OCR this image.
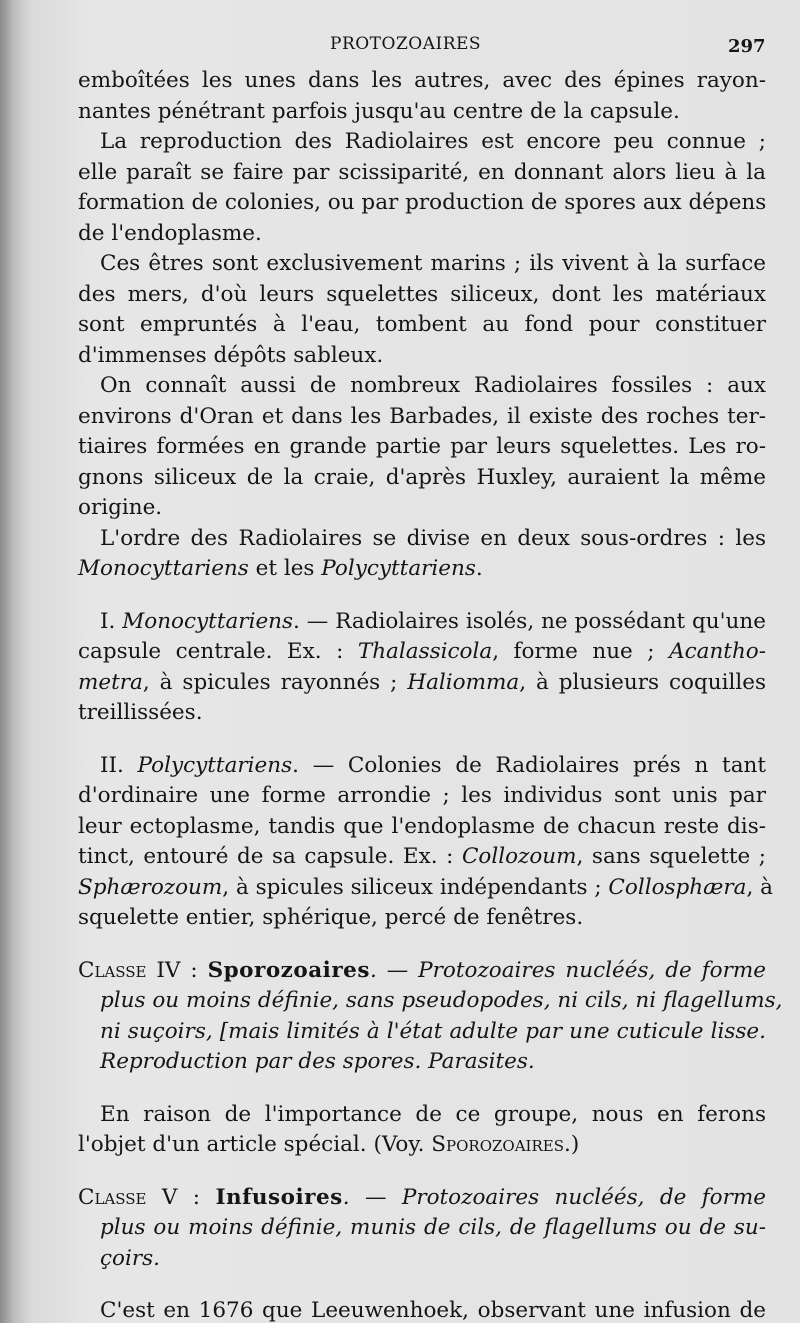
PROTOZOAIRES	297
emboîtées les unes dans les autres, avec des épines rayon-
nantes pénétrant parfois jusqu'au centre de la capsule.
La reproduction des Radiolaires est encore peu connue ;
elle paraît se faire par scissiparité, en donnant alors lieu à la
formation de colonies, ou par production de spores aux dépens
de l'endoplasme.
Ces êtres sont exclusivement marins ; ils vivent à la surface
des mers, d'où leurs squelettes siliceux, dont les matériaux
sont empruntés à l'eau, tombent au fond pour constituer
d'immenses dépôts sableux.
On connaît aussi de nombreux Radiolaires fossiles : aux
environs d'Oran et dans les Barbades, il existe des roches ter-
tiaires formées en grande partie par leurs squelettes. Les ro-
gnons siliceux de la craie, d'après Huxley, auraient la même
origine.
L'ordre des Radiolaires se divise en deux sous-ordres : les
Monocyttariens et les Polycyttariens.
I. Monocyttariens. — Radiolaires isolés, ne possédant qu'une
capsule centrale. Ex. : Thalassicola, forme nue ; Acantho-
metra, à spicules rayonnés ; Haliomma, à plusieurs coquilles
treillissées.
II. Polycyttariens. — Colonies de Radiolaires prés n tant
d'ordinaire une forme arrondie ; les individus sont unis par
leur ectoplasme, tandis que l'endoplasme de chacun reste dis-
tinct, entouré de sa capsule. Ex. : Collozoum, sans squelette ;
Sphærozoum, à spicules siliceux indépendants ; Collosphæra, à
squelette entier, sphérique, percé de fenêtres.
Classe IV : Sporozoaires. — Protozoaires nucléés, de forme
plus ou moins définie, sans pseudopodes, ni cils, ni flagellums,
ni suçoirs, [mais limités à l'état adulte par une cuticule lisse.
Reproduction par des spores. Parasites.
En raison de l'importance de ce groupe, nous en ferons
l'objet d'un article spécial. (Voy. Sporozoaires.)
Classe V : Infusoires. — Protozoaires nucléés, de forme
plus ou moins définie, munis de cils, de flagellums ou de su-
çoirs.
C'est en 1676 que Leeuwenhoek, observant une infusion de
